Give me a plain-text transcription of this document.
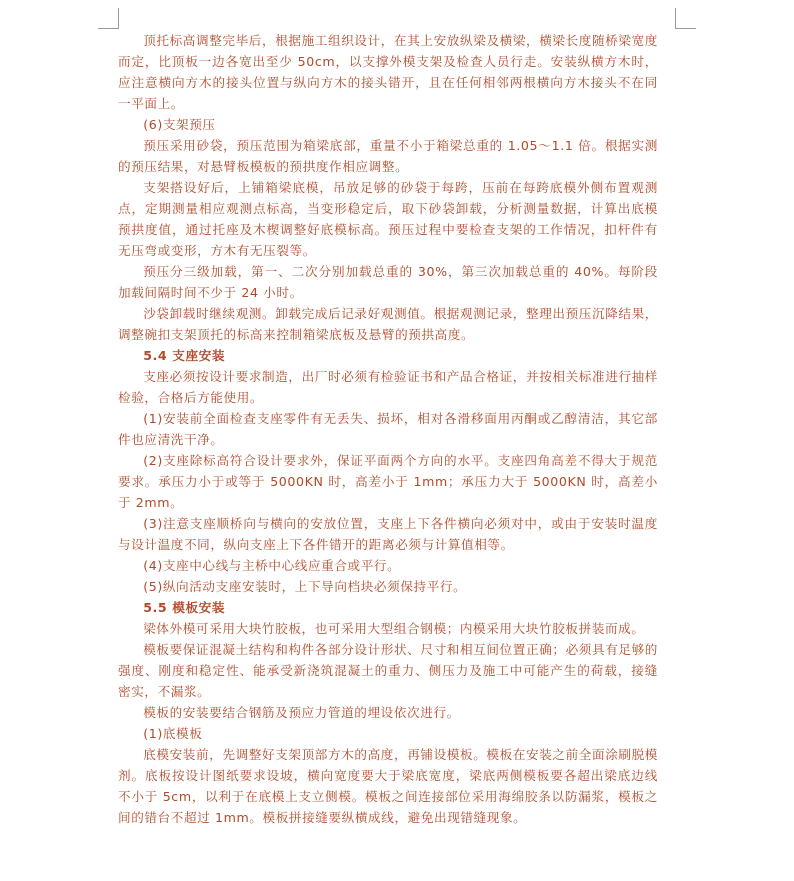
顶托标高调整完毕后，根据施工组织设计，在其上安放纵梁及横梁，横梁长度随桥梁宽度而定，比顶板一边各宽出至少 50cm，以支撑外模支架及检查人员行走。安装纵横方木时，应注意横向方木的接头位置与纵向方木的接头错开，且在任何相邻两根横向方木接头不在同一平面上。

(6)支架预压

预压采用砂袋，预压范围为箱梁底部，重量不小于箱梁总重的 1.05～1.1 倍。根据实测的预压结果，对悬臂板模板的预拱度作相应调整。

支架搭设好后，上铺箱梁底模，吊放足够的砂袋于每跨，压前在每跨底模外侧布置观测点，定期测量相应观测点标高，当变形稳定后，取下砂袋卸载，分析测量数据，计算出底模预拱度值，通过托座及木楔调整好底模标高。预压过程中要检查支架的工作情况，扣杆件有无压弯或变形，方木有无压裂等。

预压分三级加载，第一、二次分别加载总重的 30%，第三次加载总重的 40%。每阶段加载间隔时间不少于 24 小时。

沙袋卸载时继续观测。卸载完成后记录好观测值。根据观测记录，整理出预压沉降结果，调整碗扣支架顶托的标高来控制箱梁底板及悬臂的预拱高度。

5.4 支座安装

支座必须按设计要求制造，出厂时必须有检验证书和产品合格证，并按相关标准进行抽样检验，合格后方能使用。

(1)安装前全面检查支座零件有无丢失、损坏，相对各滑移面用丙酮或乙醇清洁，其它部件也应清洗干净。

(2)支座除标高符合设计要求外，保证平面两个方向的水平。支座四角高差不得大于规范要求。承压力小于或等于 5000KN 时，高差小于 1mm；承压力大于 5000KN 时，高差小于 2mm。

(3)注意支座顺桥向与横向的安放位置，支座上下各件横向必须对中，或由于安装时温度与设计温度不同，纵向支座上下各件错开的距离必须与计算值相等。

(4)支座中心线与主桥中心线应重合或平行。

(5)纵向活动支座安装时，上下导向档块必须保持平行。

5.5 模板安装

梁体外模可采用大块竹胶板，也可采用大型组合钢模；内模采用大块竹胶板拼装而成。

模板要保证混凝土结构和构件各部分设计形状、尺寸和相互间位置正确；必须具有足够的强度、刚度和稳定性、能承受新浇筑混凝土的重力、侧压力及施工中可能产生的荷载，接缝密实，不漏浆。

模板的安装要结合钢筋及预应力管道的埋设依次进行。

(1)底模板

底模安装前，先调整好支架顶部方木的高度，再铺设模板。模板在安装之前全面涂刷脱模剂。底板按设计图纸要求设坡，横向宽度要大于梁底宽度，梁底两侧模板要各超出梁底边线不小于 5cm，以利于在底模上支立侧模。模板之间连接部位采用海绵胶条以防漏浆，模板之间的错台不超过 1mm。模板拼接缝要纵横成线，避免出现错缝现象。
